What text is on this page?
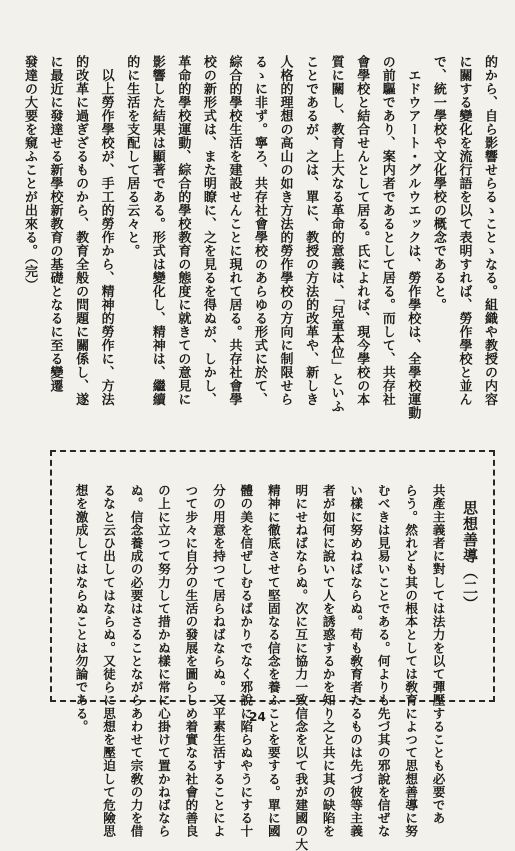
的から、自ら影響せらるゝことゝなる。組織や教授の内容
に關する變化を流行語を以て表明すれば、勞作學校と並ん
で、統一學校や文化學校の概念であると。
　エドウアート・グルウエックは、勞作學校は、全學校運動
の前驅であり、案内者であるとして居る。而して、共存社
會學校と結合せんとして居る。氏によれば、現今學校の本
質に關し、教育上大なる革命的意義は、「兒童本位」といふ
ことであるが、之は、單に、教授の方法的改革や、新しき
人格的理想の高山の如き方法的勞作學校の方向に制限せら
るゝに非ず。寧ろ、共存社會學校のあらゆる形式に於て、
綜合的學校生活を建設せんことに現れて居る。共存社會學
校の新形式は、また明瞭に、之を見るを得ぬが、しかし、
革命的學校運動、綜合的學校教育の態度に就きての意見に
影響した結果は顯著である。形式は變化し、精神は、繼續
的に生活を支配して居る云々と。
　以上勞作學校が、手工的勞作から、精神的勞作に、方法
的改革に過ぎざるものから、教育全般の問題に關係し、遂
に最近に發達せる新學校新教育の基礎となるに至る變遷
發達の大要を窺ふことが出來る。（完）
思想善導（二）
共產主義者に對しては法力を以て彈壓することも必要であ
らう。然れども其の根本としては敎育によつて思想善導に努
むべきは見易いことである。何よりも先づ其の邪說を信ぜな
い樣に努めねばならぬ。苟も敎育者たるものは先づ彼等主義
者が如何に說いて人を誘惑するかを知り之と共に其の缺陷を
明にせねばならぬ。次に互に協力一致信念を以て我が建國の大
精神に徹底させて堅固なる信念を養ふことを要する。單に國
體の美を信ぜしむるばかりでなく邪說に陷らぬやうにする十
分の用意を持つて居らねばならぬ。又平素生活することによ
つて步々に自分の生活の發展を圖らしめ着實なる社會的善良
の上に立つて努力して措かぬ樣に常に心掛けて置かねばなら
ぬ。信念養成の必要はさることながらあわせて宗敎の力を借
るなと云ひ出してはならぬ。又徒らに思想を壓迫して危險思
想を激成してはならぬことは勿論である。	24
